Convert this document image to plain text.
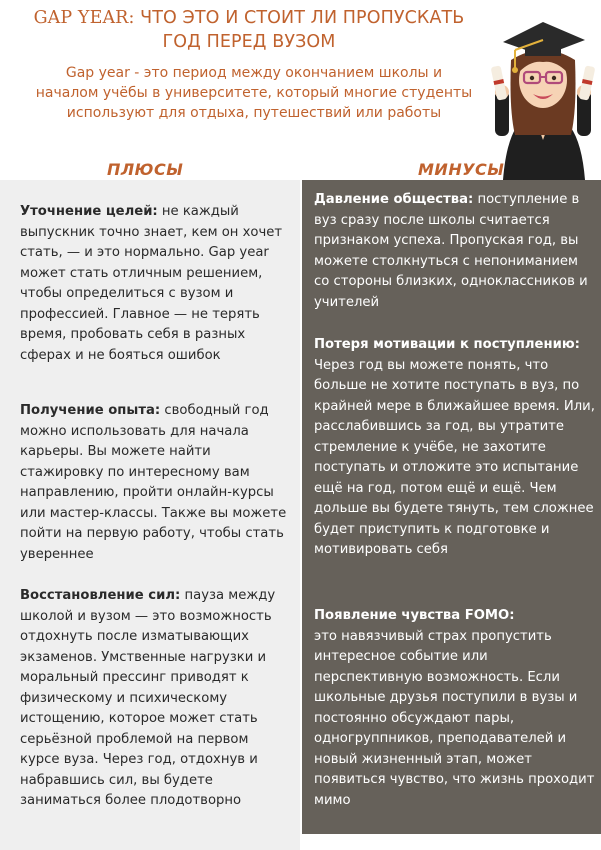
GAP YEAR: ЧТО ЭТО И СТОИТ ЛИ ПРОПУСКАТЬ ГОД ПЕРЕД ВУЗОМ
Gap year - это период между окончанием школы и началом учёбы в университете, который многие студенты используют для отдыха, путешествий или работы
ПЛЮСЫ	МИНУСЫ
Уточнение целей: не каждый выпускник точно знает, кем он хочет стать, — и это нормально. Gap year может стать отличным решением, чтобы определиться с вузом и профессией. Главное — не терять время, пробовать себя в разных сферах и не бояться ошибок
Получение опыта: свободный год можно использовать для начала карьеры. Вы можете найти стажировку по интересному вам направлению, пройти онлайн-курсы или мастер-классы. Также вы можете пойти на первую работу, чтобы стать увереннее
Восстановление сил: пауза между школой и вузом — это возможность отдохнуть после изматывающих экзаменов. Умственные нагрузки и моральный прессинг приводят к физическому и психическому истощению, которое может стать серьёзной проблемой на первом курсе вуза. Через год, отдохнув и набравшись сил, вы будете заниматься более плодотворно
Давление общества: поступление в вуз сразу после школы считается признаком успеха. Пропуская год, вы можете столкнуться с непониманием со стороны близких, одноклассников и учителей
Потеря мотивации к поступлению: Через год вы можете понять, что больше не хотите поступать в вуз, по крайней мере в ближайшее время. Или, расслабившись за год, вы утратите стремление к учёбе, не захотите поступать и отложите это испытание ещё на год, потом ещё и ещё. Чем дольше вы будете тянуть, тем сложнее будет приступить к подготовке и мотивировать себя
Появление чувства FOMO:
это навязчивый страх пропустить интересное событие или перспективную возможность. Если школьные друзья поступили в вузы и постоянно обсуждают пары, одногруппников, преподавателей и новый жизненный этап, может появиться чувство, что жизнь проходит мимо
